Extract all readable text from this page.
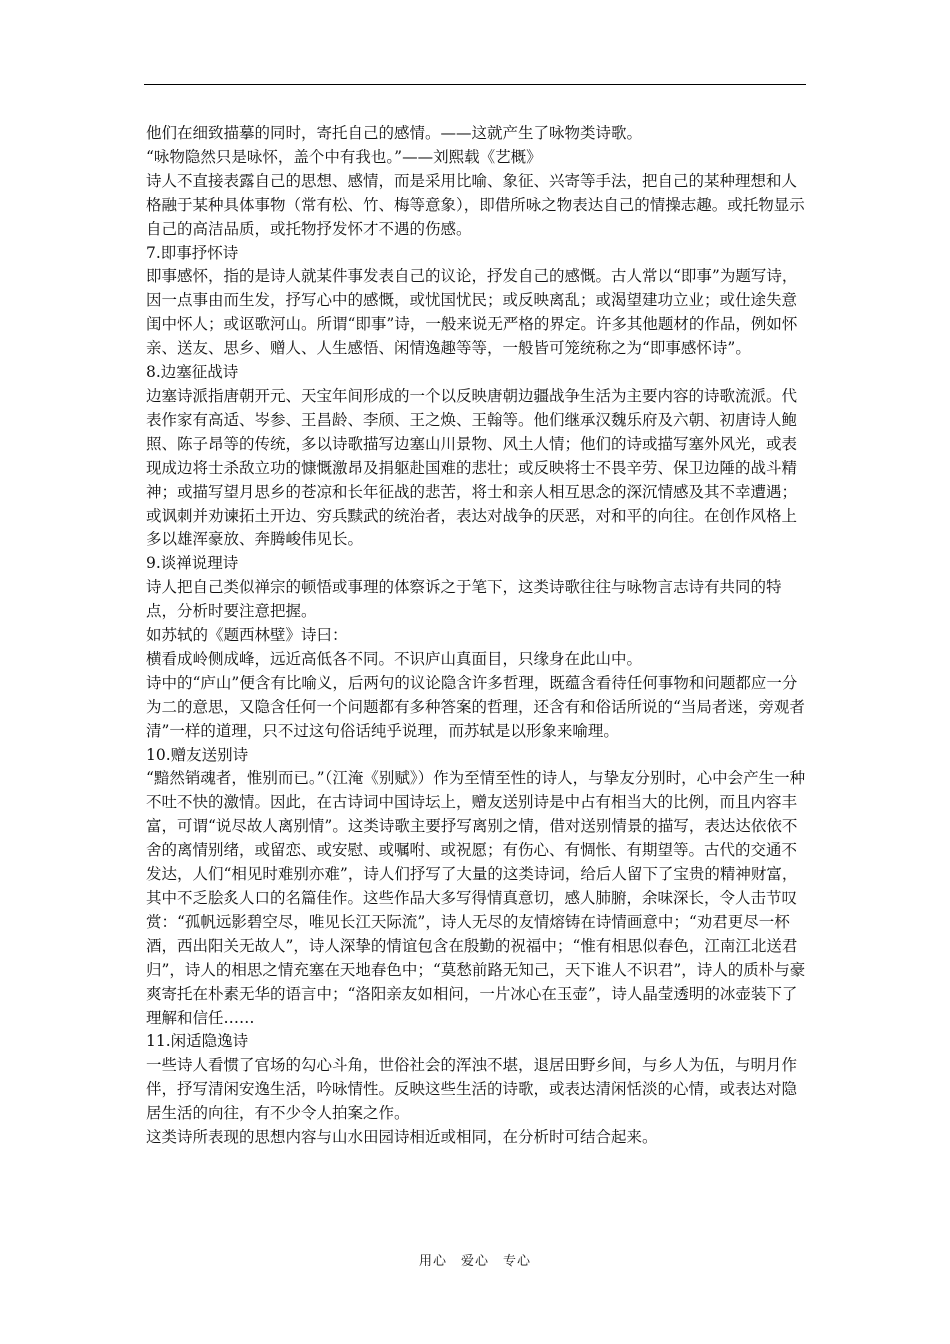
他们在细致描摹的同时，寄托自己的感情。——这就产生了咏物类诗歌。

“咏物隐然只是咏怀，盖个中有我也。”——刘熙载《艺概》

诗人不直接表露自己的思想、感情，而是采用比喻、象征、兴寄等手法，把自己的某种理想和人格融于某种具体事物（常有松、竹、梅等意象），即借所咏之物表达自己的情操志趣。或托物显示自己的高洁品质，或托物抒发怀才不遇的伤感。

7.即事抒怀诗

即事感怀，指的是诗人就某件事发表自己的议论，抒发自己的感慨。古人常以“即事”为题写诗，因一点事由而生发，抒写心中的感慨，或忧国忧民；或反映离乱；或渴望建功立业；或仕途失意闺中怀人；或讴歌河山。所谓“即事”诗，一般来说无严格的界定。许多其他题材的作品，例如怀亲、送友、思乡、赠人、人生感悟、闲情逸趣等等，一般皆可笼统称之为“即事感怀诗”。

8.边塞征战诗

边塞诗派指唐朝开元、天宝年间形成的一个以反映唐朝边疆战争生活为主要内容的诗歌流派。代表作家有高适、岑参、王昌龄、李颀、王之焕、王翰等。他们继承汉魏乐府及六朝、初唐诗人鲍照、陈子昂等的传统，多以诗歌描写边塞山川景物、风土人情；他们的诗或描写塞外风光，或表现成边将士杀敌立功的慷慨激昂及捐躯赴国难的悲壮；或反映将士不畏辛劳、保卫边陲的战斗精神；或描写望月思乡的苍凉和长年征战的悲苦，将士和亲人相互思念的深沉情感及其不幸遭遇；或讽刺并劝谏拓土开边、穷兵黩武的统治者，表达对战争的厌恶，对和平的向往。在创作风格上多以雄浑豪放、奔腾峻伟见长。

9.谈禅说理诗

诗人把自己类似禅宗的顿悟或事理的体察诉之于笔下，这类诗歌往往与咏物言志诗有共同的特点，分析时要注意把握。

如苏轼的《题西林壁》诗曰：

横看成岭侧成峰，远近高低各不同。不识庐山真面目，只缘身在此山中。

诗中的“庐山”便含有比喻义，后两句的议论隐含许多哲理，既蕴含看待任何事物和问题都应一分为二的意思，又隐含任何一个问题都有多种答案的哲理，还含有和俗话所说的“当局者迷，旁观者清”一样的道理，只不过这句俗话纯乎说理，而苏轼是以形象来喻理。

10.赠友送别诗

“黯然销魂者，惟别而已。”（江淹《别赋》）作为至情至性的诗人，与挚友分别时，心中会产生一种不吐不快的激情。因此，在古诗词中国诗坛上，赠友送别诗是中占有相当大的比例，而且内容丰富，可谓“说尽故人离别情”。这类诗歌主要抒写离别之情，借对送别情景的描写，表达达依依不舍的离情别绪，或留恋、或安慰、或嘱咐、或祝愿；有伤心、有惆怅、有期望等。古代的交通不发达，人们“相见时难别亦难”，诗人们抒写了大量的这类诗词，给后人留下了宝贵的精神财富，其中不乏脍炙人口的名篇佳作。这些作品大多写得情真意切，感人肺腑，余味深长，令人击节叹赏：“孤帆远影碧空尽，唯见长江天际流”，诗人无尽的友情熔铸在诗情画意中；“劝君更尽一杯酒，西出阳关无故人”，诗人深挚的情谊包含在殷勤的祝福中；“惟有相思似春色，江南江北送君归”，诗人的相思之情充塞在天地春色中；“莫愁前路无知己，天下谁人不识君”，诗人的质朴与豪爽寄托在朴素无华的语言中；“洛阳亲友如相问，一片冰心在玉壶”，诗人晶莹透明的冰壶装下了理解和信任……

11.闲适隐逸诗

一些诗人看惯了官场的勾心斗角，世俗社会的浑浊不堪，退居田野乡间，与乡人为伍，与明月作伴，抒写清闲安逸生活，吟咏情性。反映这些生活的诗歌，或表达清闲恬淡的心情，或表达对隐居生活的向往，有不少令人拍案之作。

这类诗所表现的思想内容与山水田园诗相近或相同，在分析时可结合起来。

用心　爱心　专心
